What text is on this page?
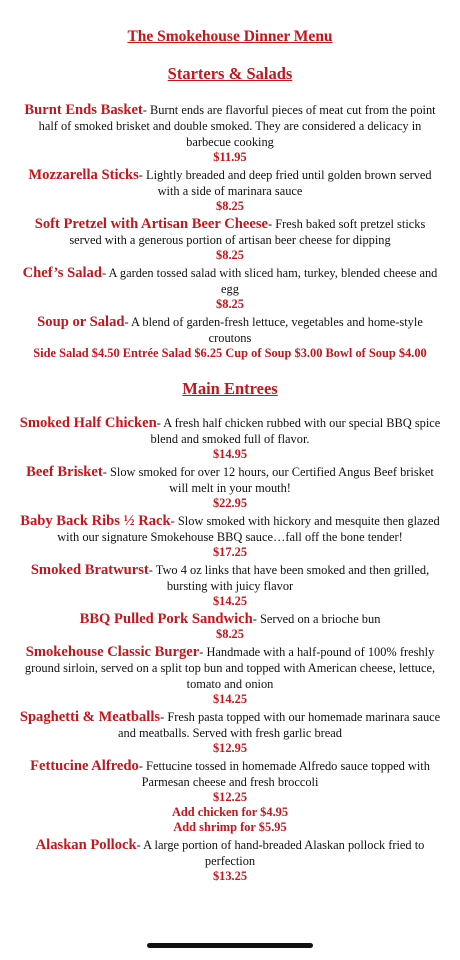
The Smokehouse Dinner Menu
Starters & Salads
Burnt Ends Basket- Burnt ends are flavorful pieces of meat cut from the point half of smoked brisket and double smoked. They are considered a delicacy in barbecue cooking
$11.95
Mozzarella Sticks- Lightly breaded and deep fried until golden brown served with a side of marinara sauce
$8.25
Soft Pretzel with Artisan Beer Cheese- Fresh baked soft pretzel sticks served with a generous portion of artisan beer cheese for dipping
$8.25
Chef’s Salad- A garden tossed salad with sliced ham, turkey, blended cheese and egg
$8.25
Soup or Salad- A blend of garden-fresh lettuce, vegetables and home-style croutons
Side Salad $4.50 Entrée Salad $6.25 Cup of Soup $3.00 Bowl of Soup $4.00
Main Entrees
Smoked Half Chicken- A fresh half chicken rubbed with our special BBQ spice blend and smoked full of flavor.
$14.95
Beef Brisket- Slow smoked for over 12 hours, our Certified Angus Beef brisket will melt in your mouth!
$22.95
Baby Back Ribs ½ Rack- Slow smoked with hickory and mesquite then glazed with our signature Smokehouse BBQ sauce…fall off the bone tender!
$17.25
Smoked Bratwurst- Two 4 oz links that have been smoked and then grilled, bursting with juicy flavor
$14.25
BBQ Pulled Pork Sandwich- Served on a brioche bun
$8.25
Smokehouse Classic Burger- Handmade with a half-pound of 100% freshly ground sirloin, served on a split top bun and topped with American cheese, lettuce, tomato and onion
$14.25
Spaghetti & Meatballs- Fresh pasta topped with our homemade marinara sauce and meatballs. Served with fresh garlic bread
$12.95
Fettucine Alfredo- Fettucine tossed in homemade Alfredo sauce topped with Parmesan cheese and fresh broccoli
$12.25
Add chicken for $4.95
Add shrimp for $5.95
Alaskan Pollock- A large portion of hand-breaded Alaskan pollock fried to perfection
$13.25
